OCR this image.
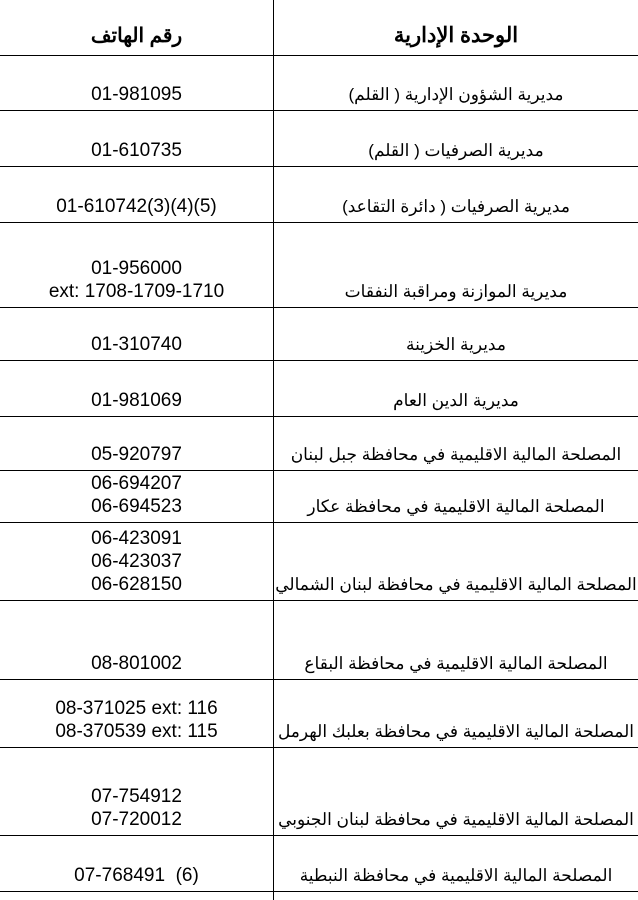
رقم الهاتف	الوحدة الإدارية
01-981095	مديرية الشؤون الإدارية ( القلم)
01-610735	مديرية الصرفيات ( القلم)
01-610742(3)(4)(5)	مديرية الصرفيات ( دائرة التقاعد)
01-956000
ext: 1708-1709-1710	مديرية الموازنة ومراقبة النفقات
01-310740	مديرية الخزينة
01-981069	مديرية الدين العام
05-920797	المصلحة المالية الاقليمية في محافظة جبل لبنان
06-694207
06-694523	المصلحة المالية الاقليمية في محافظة عكار
06-423091
06-423037
06-628150	المصلحة المالية الاقليمية في محافظة لبنان الشمالي
08-801002	المصلحة المالية الاقليمية في محافظة البقاع
08-371025 ext: 116
08-370539 ext: 115	المصلحة المالية الاقليمية في محافظة بعلبك الهرمل
07-754912
07-720012	المصلحة المالية الاقليمية في محافظة لبنان الجنوبي
07-768491  (6)	المصلحة المالية الاقليمية في محافظة النبطية
